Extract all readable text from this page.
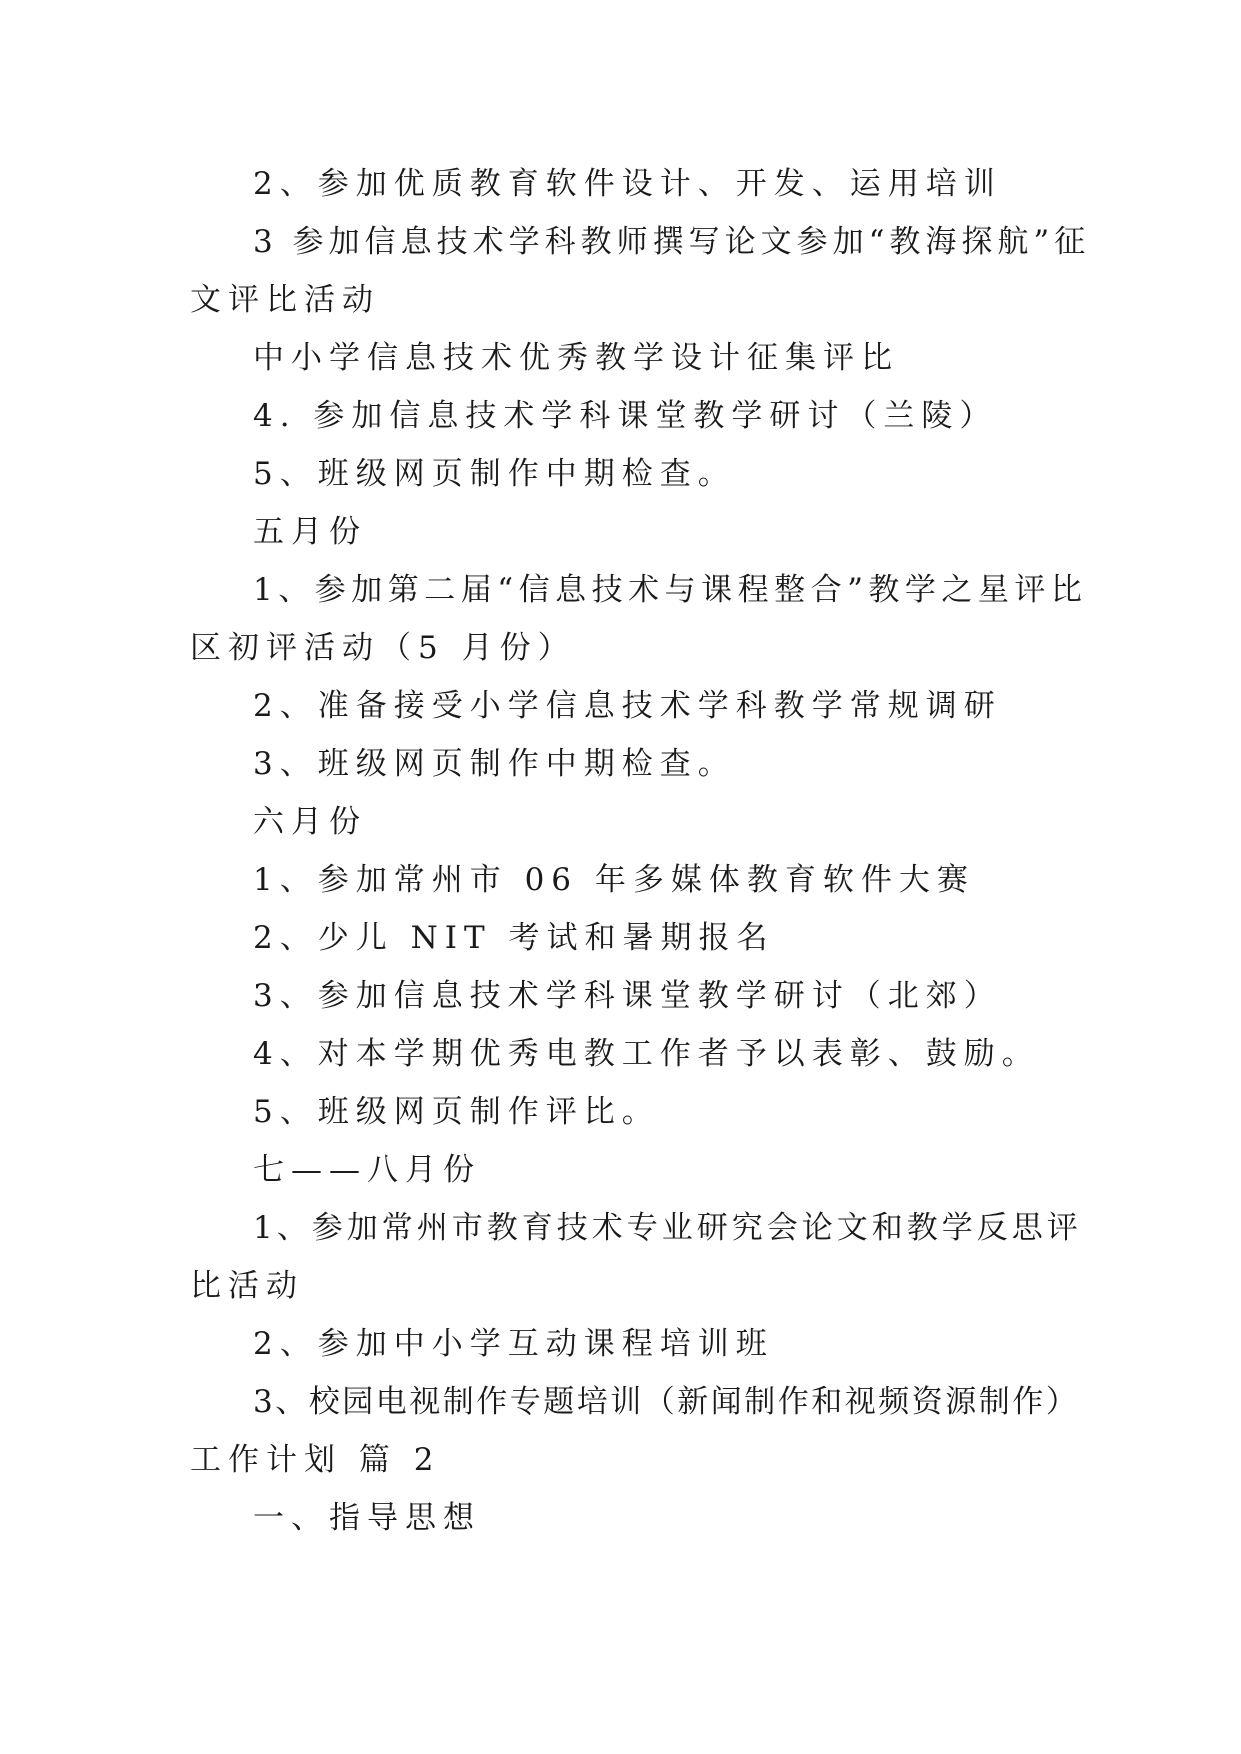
2、参加优质教育软件设计、开发、运用培训
3 参加信息技术学科教师撰写论文参加“教海探航”征
文评比活动
中小学信息技术优秀教学设计征集评比
4. 参加信息技术学科课堂教学研讨（兰陵）
5、班级网页制作中期检查。
五月份
1、参加第二届“信息技术与课程整合”教学之星评比
区初评活动（5 月份）
2、准备接受小学信息技术学科教学常规调研
3、班级网页制作中期检查。
六月份
1、参加常州市 06 年多媒体教育软件大赛
2、少儿 NIT 考试和暑期报名
3、参加信息技术学科课堂教学研讨（北郊）
4、对本学期优秀电教工作者予以表彰、鼓励。
5、班级网页制作评比。
七——八月份
1、参加常州市教育技术专业研究会论文和教学反思评
比活动
2、参加中小学互动课程培训班
3、校园电视制作专题培训（新闻制作和视频资源制作）
工作计划 篇 2
一、指导思想
